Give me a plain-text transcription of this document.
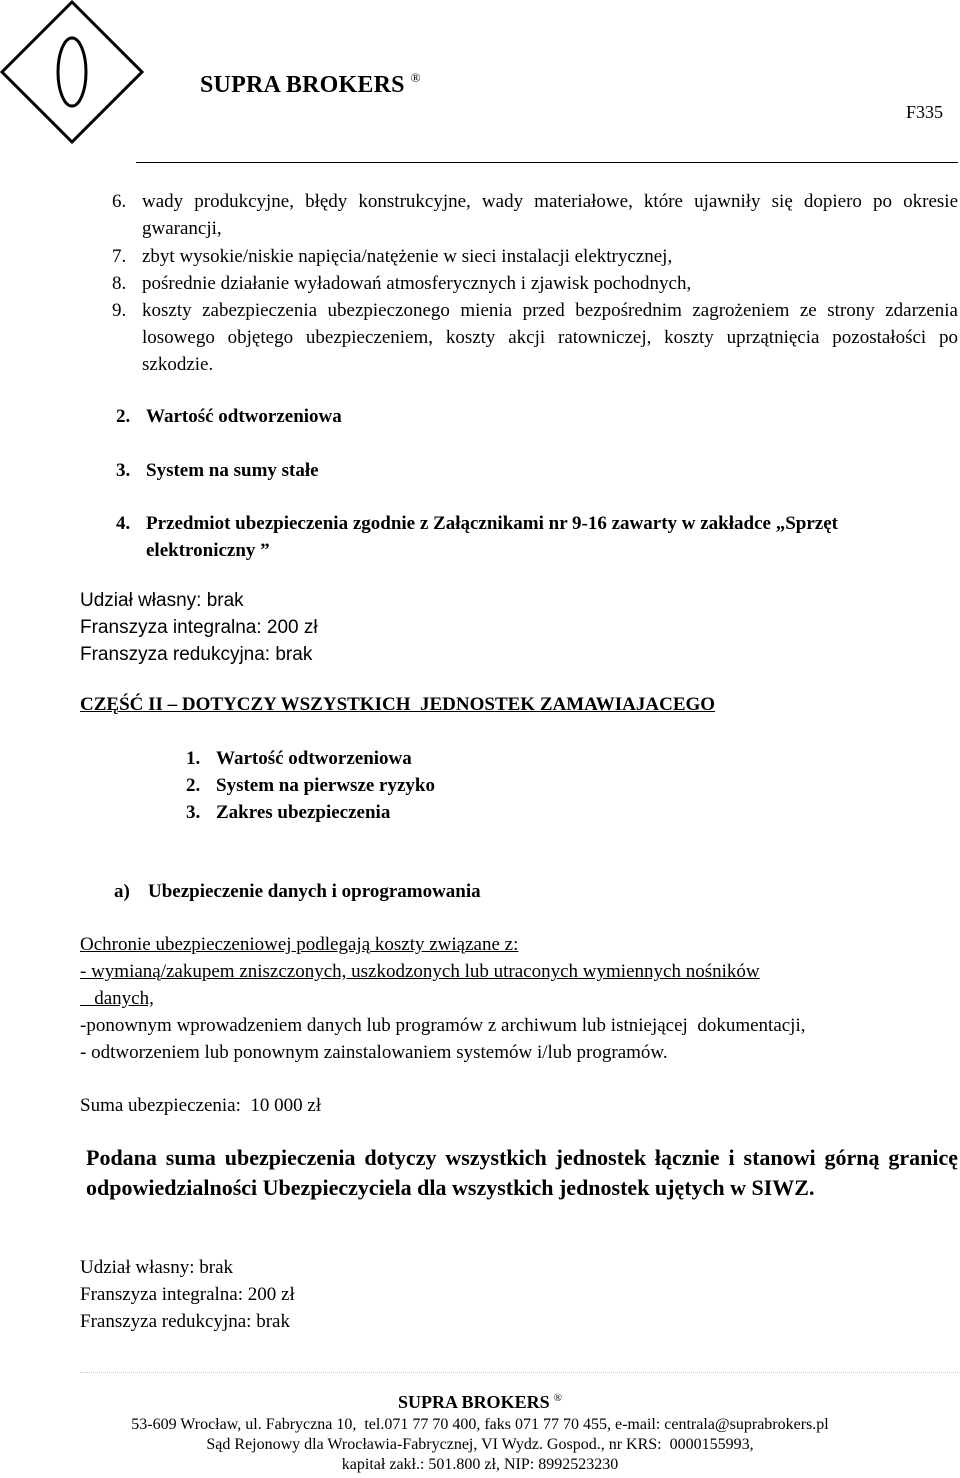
SUPRA BROKERS ®
F335
6. wady produkcyjne, błędy konstrukcyjne, wady materiałowe, które ujawniły się dopiero po okresie gwarancji,
7. zbyt wysokie/niskie napięcia/natężenie w sieci instalacji elektrycznej,
8. pośrednie działanie wyładowań atmosferycznych i zjawisk pochodnych,
9. koszty zabezpieczenia ubezpieczonego mienia przed bezpośrednim zagrożeniem ze strony zdarzenia losowego objętego ubezpieczeniem, koszty akcji ratowniczej, koszty uprzątnięcia pozostałości po szkodzie.
2. Wartość odtworzeniowa
3. System na sumy stałe
4. Przedmiot ubezpieczenia zgodnie z Załącznikami nr 9-16 zawarty w zakładce „Sprzęt elektroniczny ”
Udział własny: brak
Franszyza integralna: 200 zł
Franszyza redukcyjna: brak
CZĘŚĆ II – DOTYCZY WSZYSTKICH  JEDNOSTEK ZAMAWIAJACEGO
1. Wartość odtworzeniowa
2. System na pierwsze ryzyko
3. Zakres ubezpieczenia
a) Ubezpieczenie danych i oprogramowania
Ochronie ubezpieczeniowej podlegają koszty związane z:
- wymianą/zakupem zniszczonych, uszkodzonych lub utraconych wymiennych nośników
danych,
-ponownym wprowadzeniem danych lub programów z archiwum lub istniejącej  dokumentacji,
- odtworzeniem lub ponownym zainstalowaniem systemów i/lub programów.
Suma ubezpieczenia:  10 000 zł
Podana suma ubezpieczenia dotyczy wszystkich jednostek łącznie i stanowi górną granicę odpowiedzialności Ubezpieczyciela dla wszystkich jednostek ujętych w SIWZ.
Udział własny: brak
Franszyza integralna: 200 zł
Franszyza redukcyjna: brak
SUPRA BROKERS ®
53-609 Wrocław, ul. Fabryczna 10,  tel.071 77 70 400, faks 071 77 70 455, e-mail: centrala@suprabrokers.pl
Sąd Rejonowy dla Wrocławia-Fabrycznej, VI Wydz. Gospod., nr KRS:  0000155993,
kapitał zakł.: 501.800 zł, NIP: 8992523230
